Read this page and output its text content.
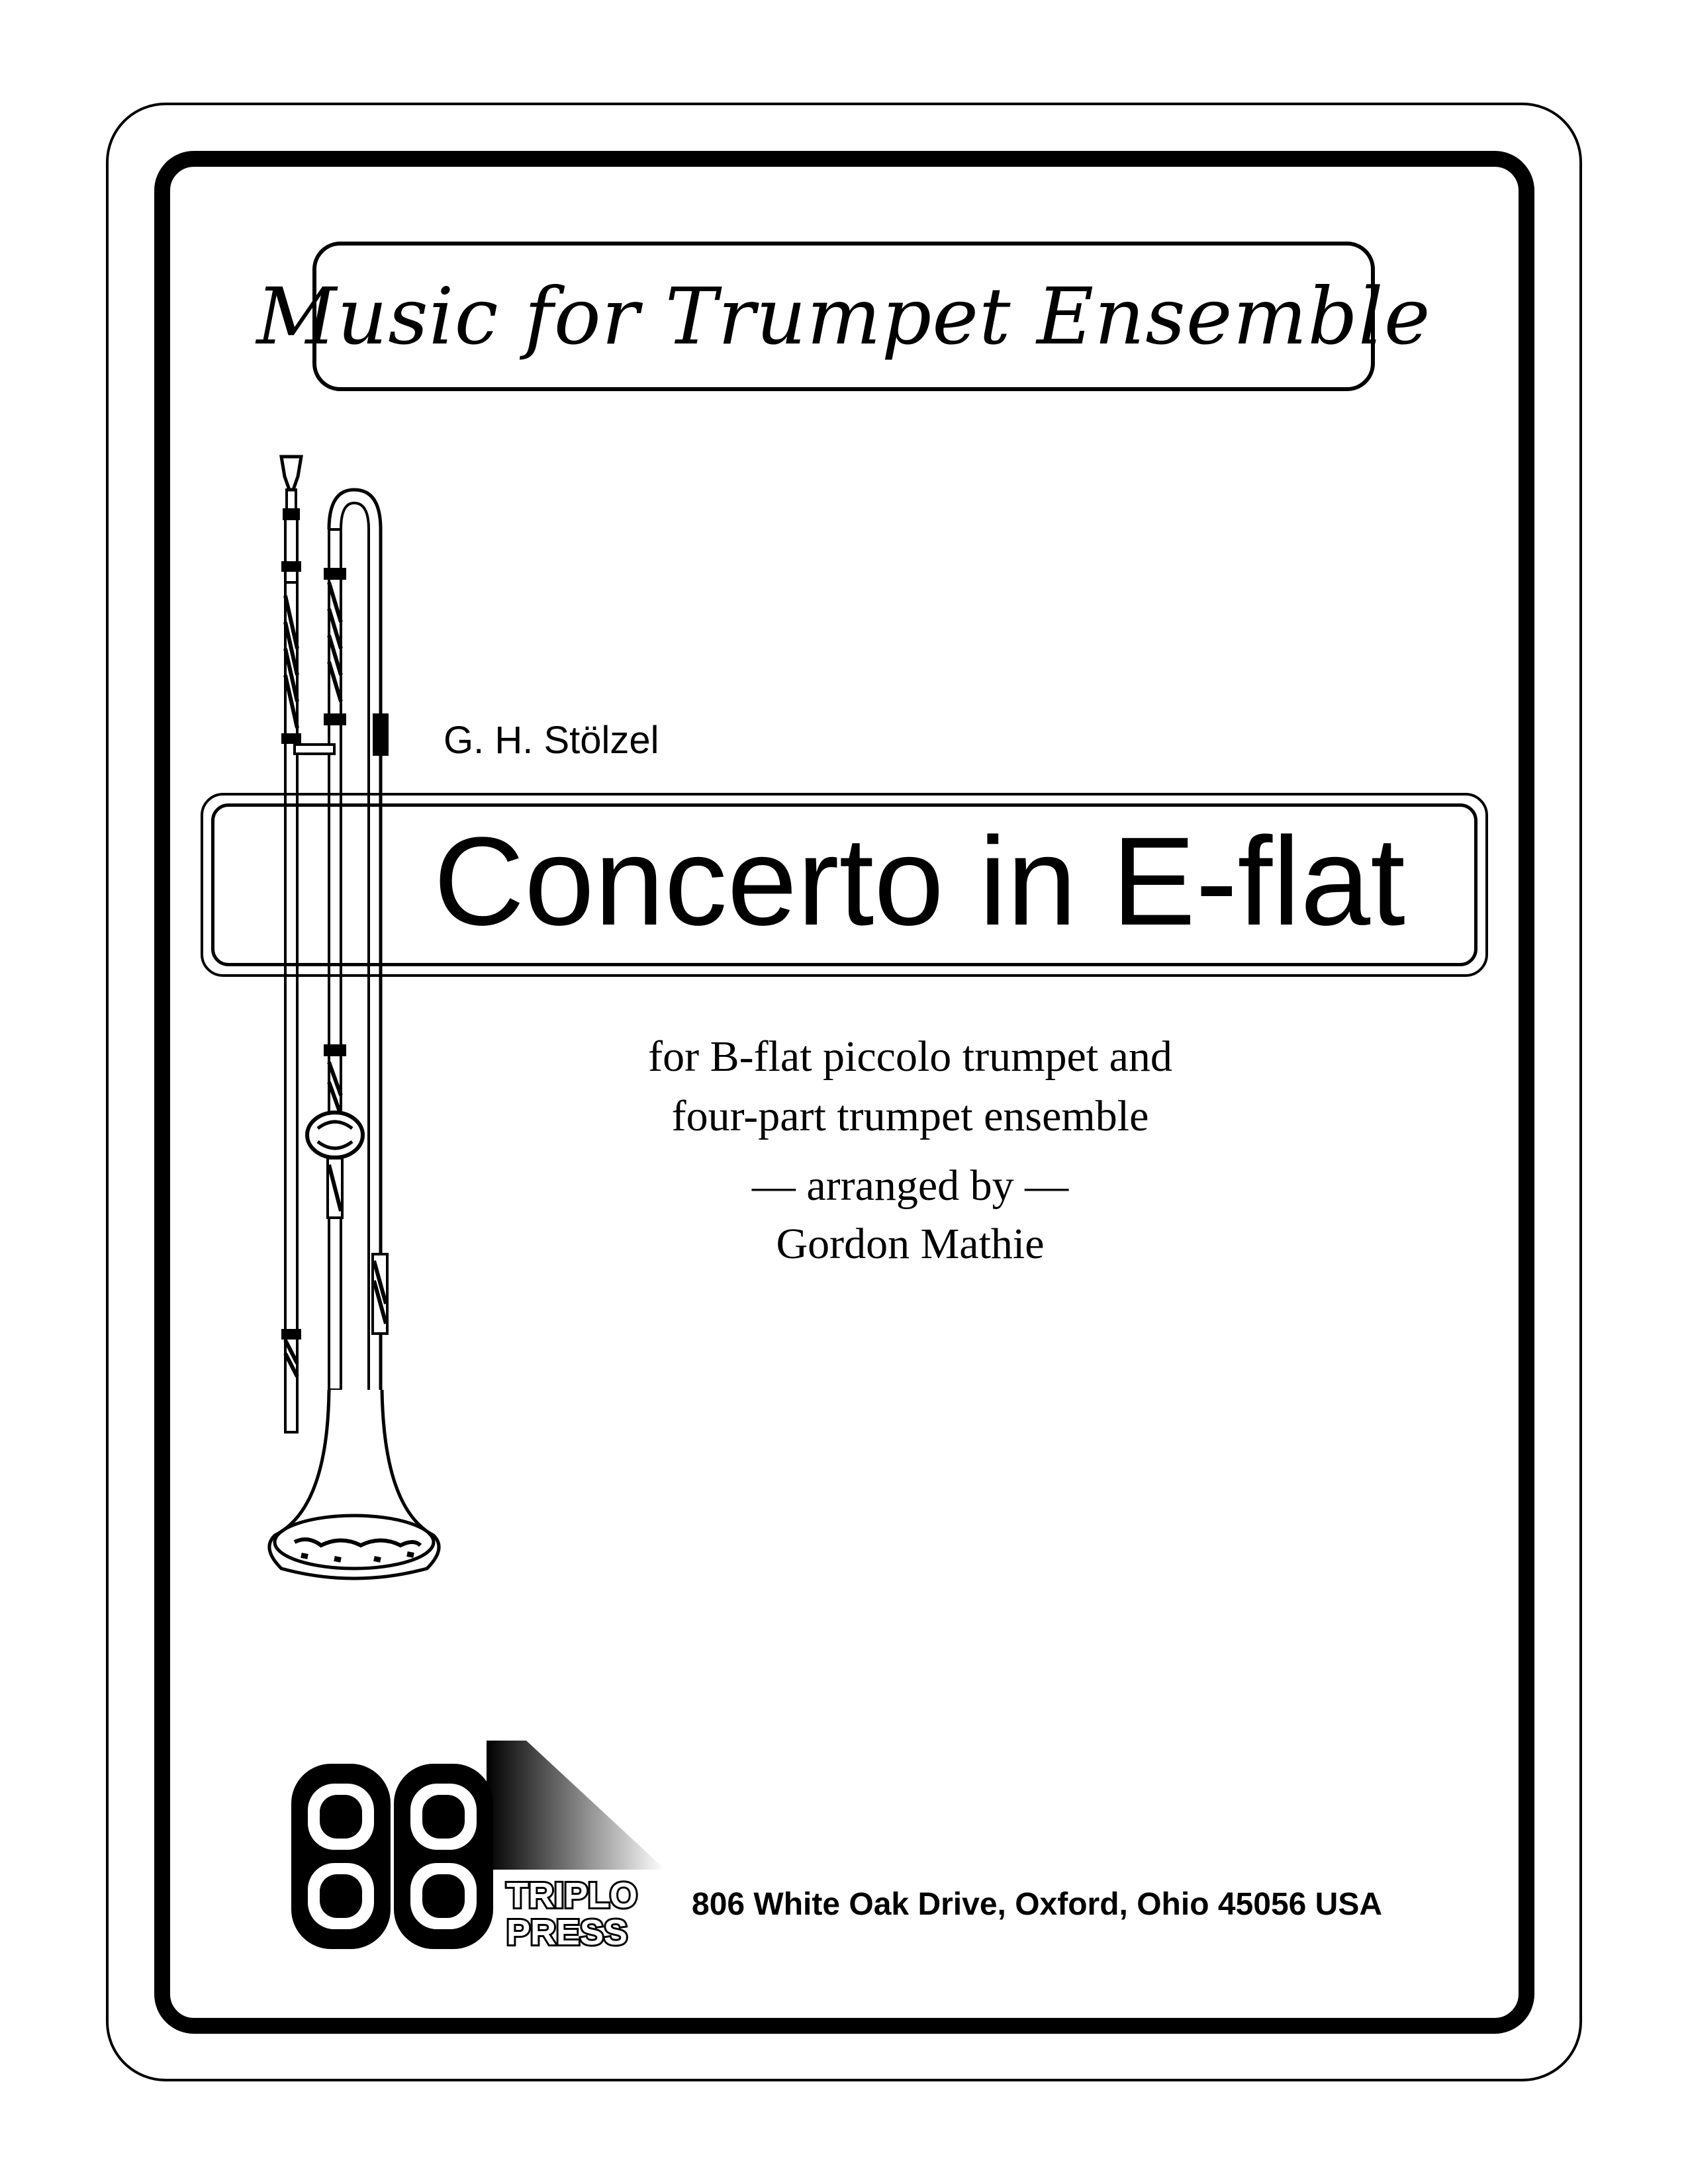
Music for Trumpet Ensemble
G. H. Stölzel
Concerto in E-flat
for B-flat piccolo trumpet and
four-part trumpet ensemble
— arranged by —
Gordon Mathie
TRIPLO
PRESS
806 White Oak Drive, Oxford, Ohio 45056 USA
